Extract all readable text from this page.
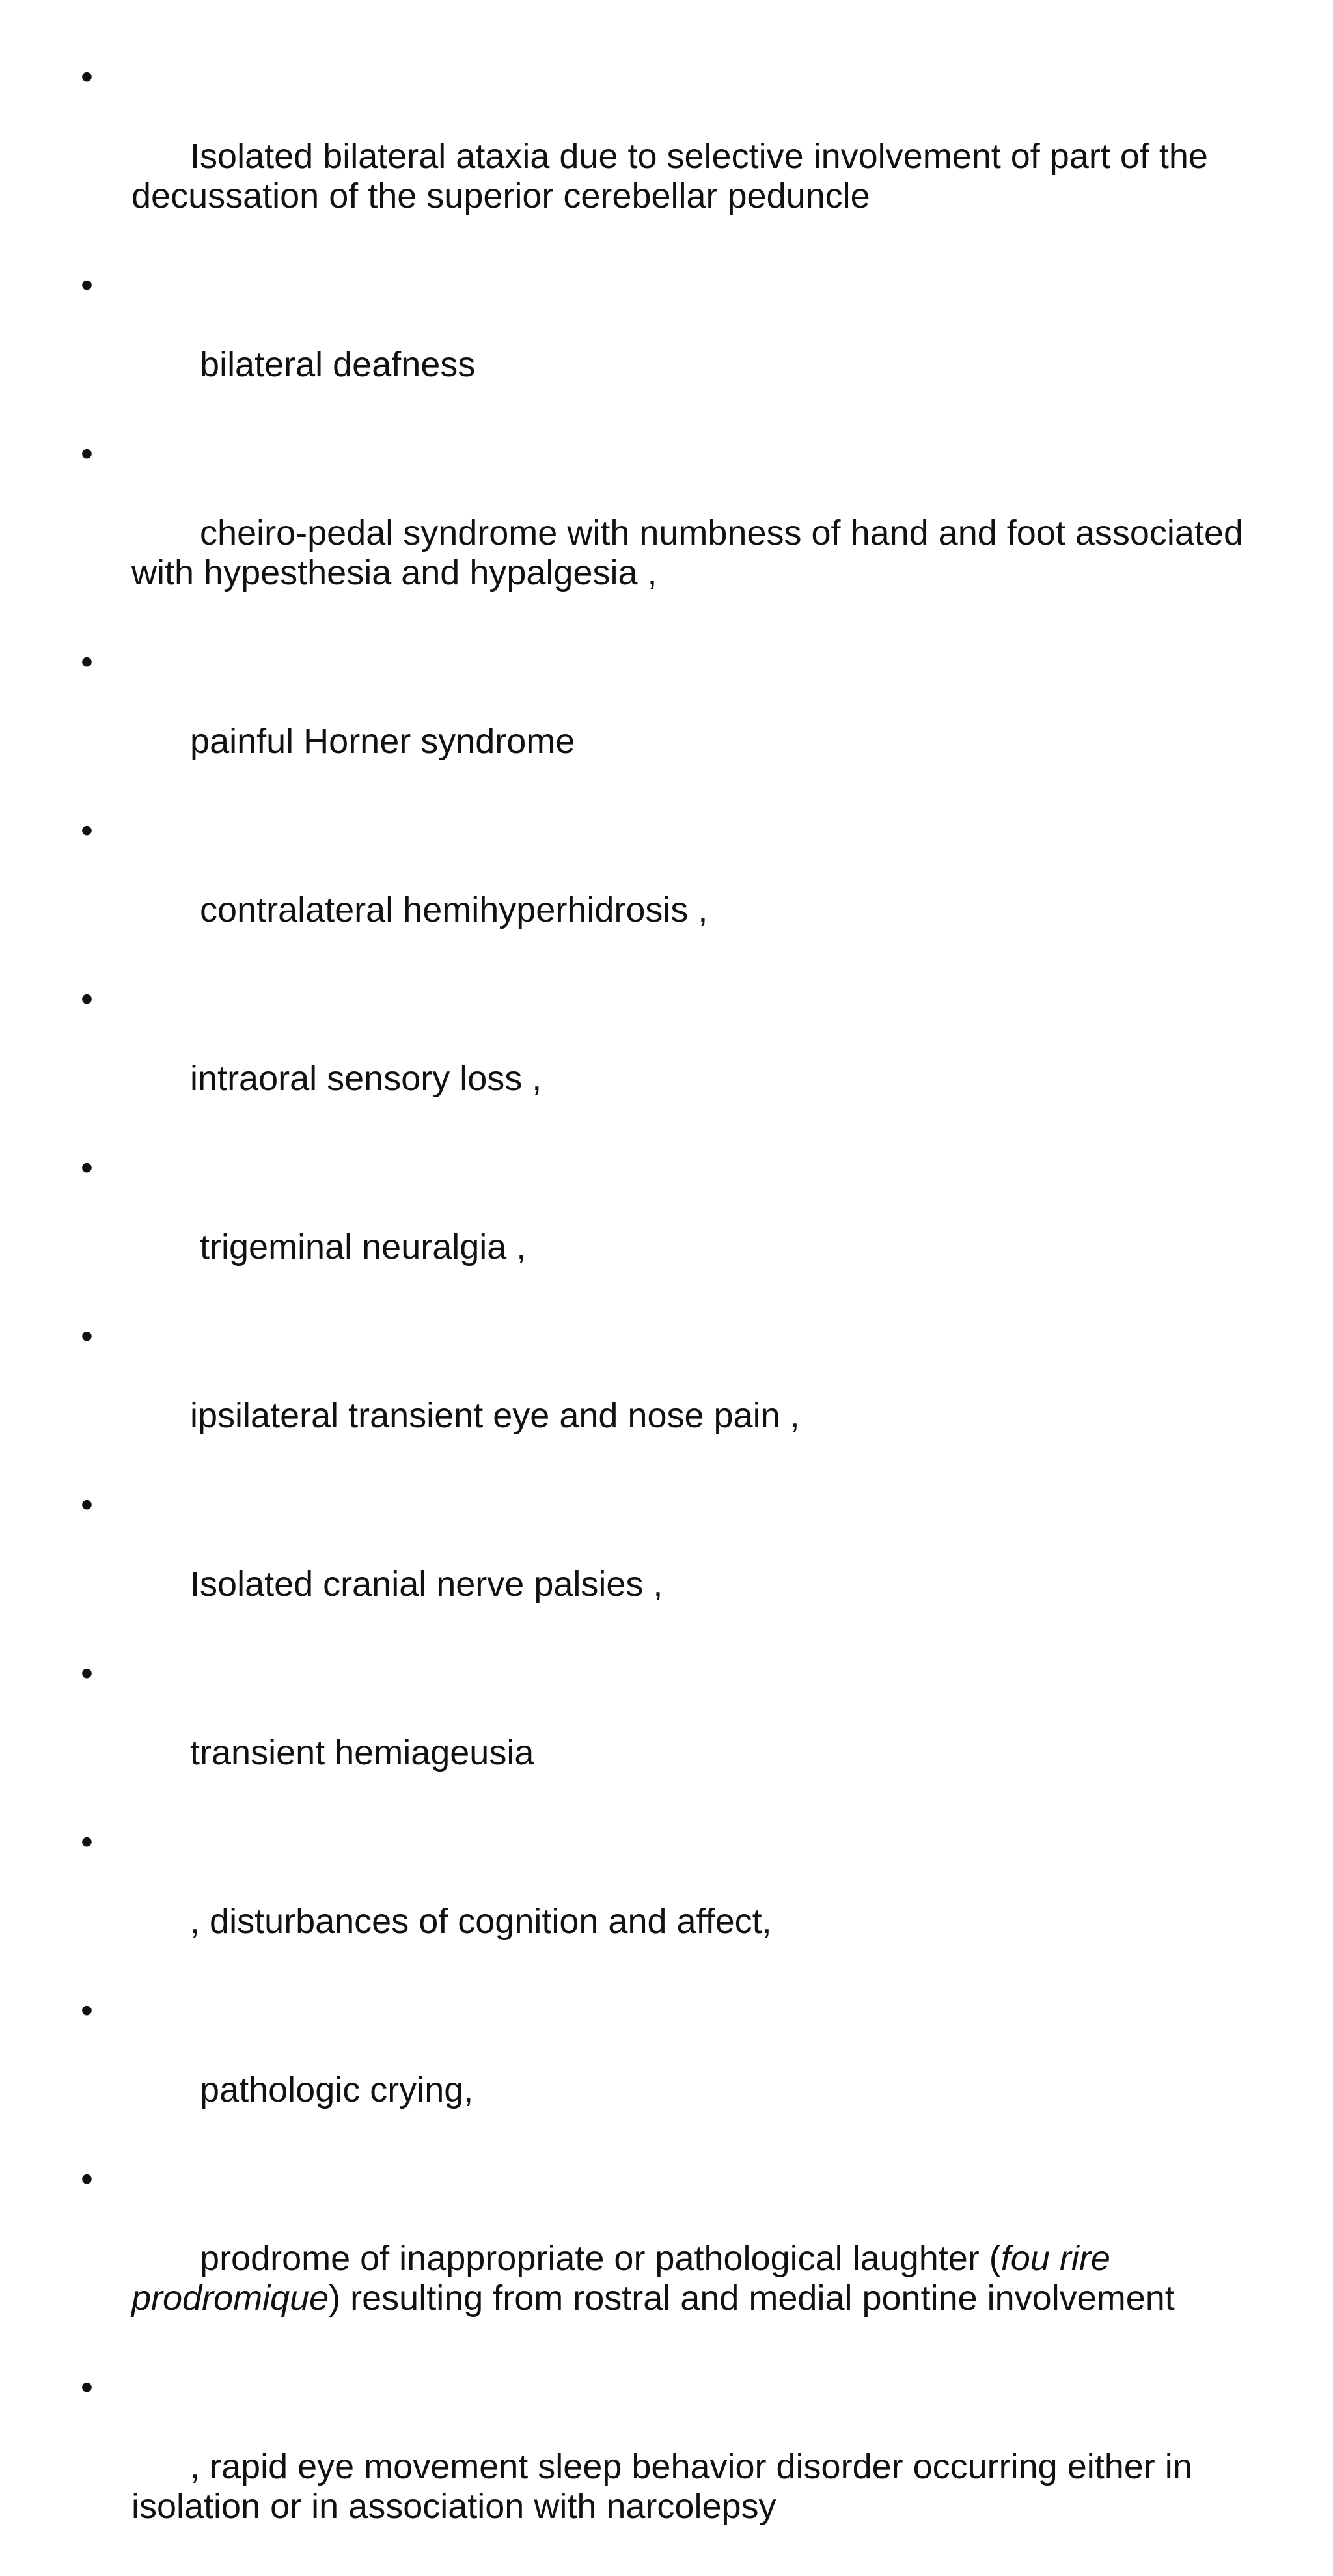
•

Isolated bilateral ataxia due to selective involvement of part of the decussation of the superior cerebellar peduncle

•

bilateral deafness

•

cheiro-pedal syndrome with numbness of hand and foot associated with hypesthesia and hypalgesia ,

•

painful Horner syndrome

•

contralateral hemihyperhidrosis ,

•

intraoral sensory loss ,

•

trigeminal neuralgia ,

•

ipsilateral transient eye and nose pain ,

•

Isolated cranial nerve palsies ,

•

transient hemiageusia

•

, disturbances of cognition and affect,

•

pathologic crying,

•

prodrome of inappropriate or pathological laughter (fou rire prodromique) resulting from rostral and medial pontine involvement

•

, rapid eye movement sleep behavior disorder occurring either in isolation or in association with narcolepsy
